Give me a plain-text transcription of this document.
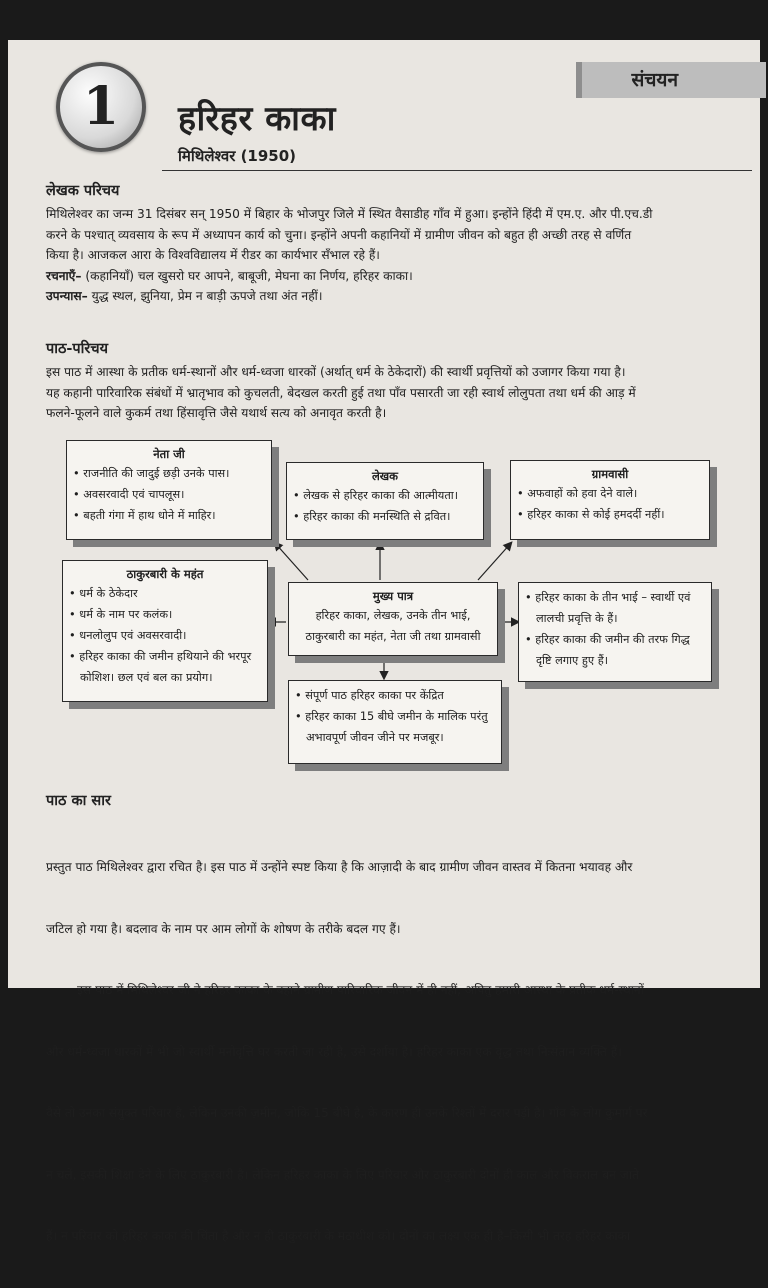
1	संचयन
हरिहर काका
मिथिलेश्वर (1950)
लेखक परिचय
मिथिलेश्वर का जन्म 31 दिसंबर सन् 1950 में बिहार के भोजपुर जिले में स्थित वैसाडीह गाँव में हुआ। इन्होंने हिंदी में एम.ए. और पी.एच.डी
करने के पश्चात् व्यवसाय के रूप में अध्यापन कार्य को चुना। इन्होंने अपनी कहानियों में ग्रामीण जीवन को बहुत ही अच्छी तरह से वर्णित
किया है। आजकल आरा के विश्वविद्यालय में रीडर का कार्यभार सँभाल रहे हैं।
रचनाएँ– (कहानियाँ) चल खुसरो घर आपने, बाबूजी, मेघना का निर्णय, हरिहर काका।
उपन्यास– युद्ध स्थल, झुनिया, प्रेम न बाड़ी ऊपजे तथा अंत नहीं।
पाठ-परिचय
इस पाठ में आस्था के प्रतीक धर्म-स्थानों और धर्म-ध्वजा धारकों (अर्थात् धर्म के ठेकेदारों) की स्वार्थी प्रवृत्तियों को उजागर किया गया है।
यह कहानी पारिवारिक संबंधों में भ्रातृभाव को कुचलती, बेदखल करती हुई तथा पाँव पसारती जा रही स्वार्थ लोलुपता तथा धर्म की आड़ में
फलने-फूलने वाले कुकर्म तथा हिंसावृत्ति जैसे यथार्थ सत्य को अनावृत करती है।
नेता जी
• राजनीति की जादुई छड़ी उनके पास।
• अवसरवादी एवं चापलूस।
• बहती गंगा में हाथ धोने में माहिर।
लेखक
• लेखक से हरिहर काका की आत्मीयता।
• हरिहर काका की मनस्थिति से द्रवित।
ग्रामवासी
• अफवाहों को हवा देने वाले।
• हरिहर काका से कोई हमदर्दी नहीं।
ठाकुरबारी के महंत
• धर्म के ठेकेदार
• धर्म के नाम पर कलंक।
• धनलोलुप एवं अवसरवादी।
• हरिहर काका की जमीन हथियाने की भरपूर कोशिश। छल एवं बल का प्रयोग।
मुख्य पात्र
हरिहर काका, लेखक, उनके तीन भाई,
ठाकुरबारी का महंत, नेता जी तथा ग्रामवासी
• हरिहर काका के तीन भाई – स्वार्थी एवं लालची प्रवृत्ति के हैं।
• हरिहर काका की जमीन की तरफ गिद्ध दृष्टि लगाए हुए हैं।
• संपूर्ण पाठ हरिहर काका पर केंद्रित
• हरिहर काका 15 बीघे जमीन के मालिक परंतु अभावपूर्ण जीवन जीने पर मजबूर।
पाठ का सार

प्रस्तुत पाठ मिथिलेश्वर द्वारा रचित है। इस पाठ में उन्होंने स्पष्ट किया है कि आज़ादी के बाद ग्रामीण जीवन वास्तव में कितना भयावह और

जटिल हो गया है। बदलाव के नाम पर आम लोगों के शोषण के तरीके बदल गए हैं।

इस पाठ में मिथिलेश्वर जी ने हरिहर काका के बहाने ग्रामीण पारिवारिक जीवन में ही नहीं, अपितु हमारी आस्था के प्रतीक धर्म-स्थानों

और धर्म-ध्वजा धारकों में भी जो स्वार्थी मनोवृत्ति घर करती जा रही है, उसे दर्शाया है। हरिहर काका एक वृद्ध तथा निःसंतान व्यक्ति हैं।

वैसे तो उनका संयुक्त परिवार है, लेकिन उनकी ज़मीन, जोकि 15 बीघे है, के कारण ही उनके रिश्तों में दरार पड़ी है। गाँव के लोग कुमार्ग पर

न चलें, इसकी शिक्षा देने के लिए ठाकुरबारी है। लेकिन हरिहर काका के लिए परिवार और ठाकुरबारी दोनों ही काल और विकराल बन जाते

हैं। न परिवार को हरिहर काका की चिंता है और न ही ठाकुरबारी के मठाधीश को। दोनों का लक्ष्य एक ही है–किसी भी तरह हरिहर काका
